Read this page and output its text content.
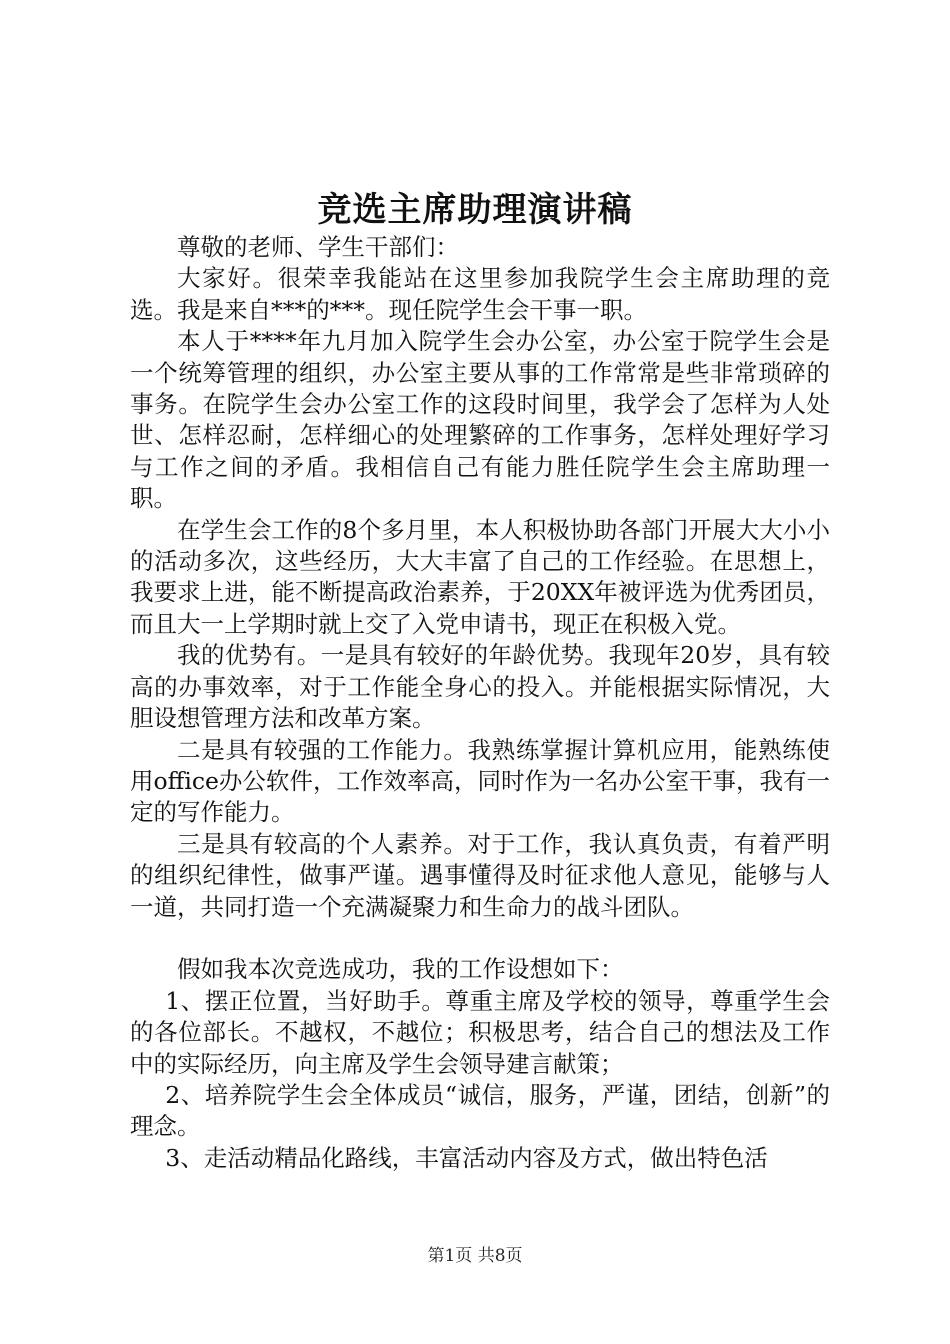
竞选主席助理演讲稿

尊敬的老师、学生干部们：

大家好。很荣幸我能站在这里参加我院学生会主席助理的竞选。我是来自***的***。现任院学生会干事一职。

本人于****年九月加入院学生会办公室，办公室于院学生会是一个统筹管理的组织，办公室主要从事的工作常常是些非常琐碎的事务。在院学生会办公室工作的这段时间里，我学会了怎样为人处世、怎样忍耐，怎样细心的处理繁碎的工作事务，怎样处理好学习与工作之间的矛盾。我相信自己有能力胜任院学生会主席助理一职。

在学生会工作的8个多月里，本人积极协助各部门开展大大小小的活动多次，这些经历，大大丰富了自己的工作经验。在思想上，我要求上进，能不断提高政治素养，于20XX年被评选为优秀团员，而且大一上学期时就上交了入党申请书，现正在积极入党。

我的优势有。一是具有较好的年龄优势。我现年20岁，具有较高的办事效率，对于工作能全身心的投入。并能根据实际情况，大胆设想管理方法和改革方案。

二是具有较强的工作能力。我熟练掌握计算机应用，能熟练使用office办公软件，工作效率高，同时作为一名办公室干事，我有一定的写作能力。

三是具有较高的个人素养。对于工作，我认真负责，有着严明的组织纪律性，做事严谨。遇事懂得及时征求他人意见，能够与人一道，共同打造一个充满凝聚力和生命力的战斗团队。

假如我本次竞选成功，我的工作设想如下：

1、摆正位置，当好助手。尊重主席及学校的领导，尊重学生会的各位部长。不越权，不越位；积极思考，结合自己的想法及工作中的实际经历，向主席及学生会领导建言献策；

2、培养院学生会全体成员“诚信，服务，严谨，团结，创新”的理念。

3、走活动精品化路线，丰富活动内容及方式，做出特色活

第1页 共8页
